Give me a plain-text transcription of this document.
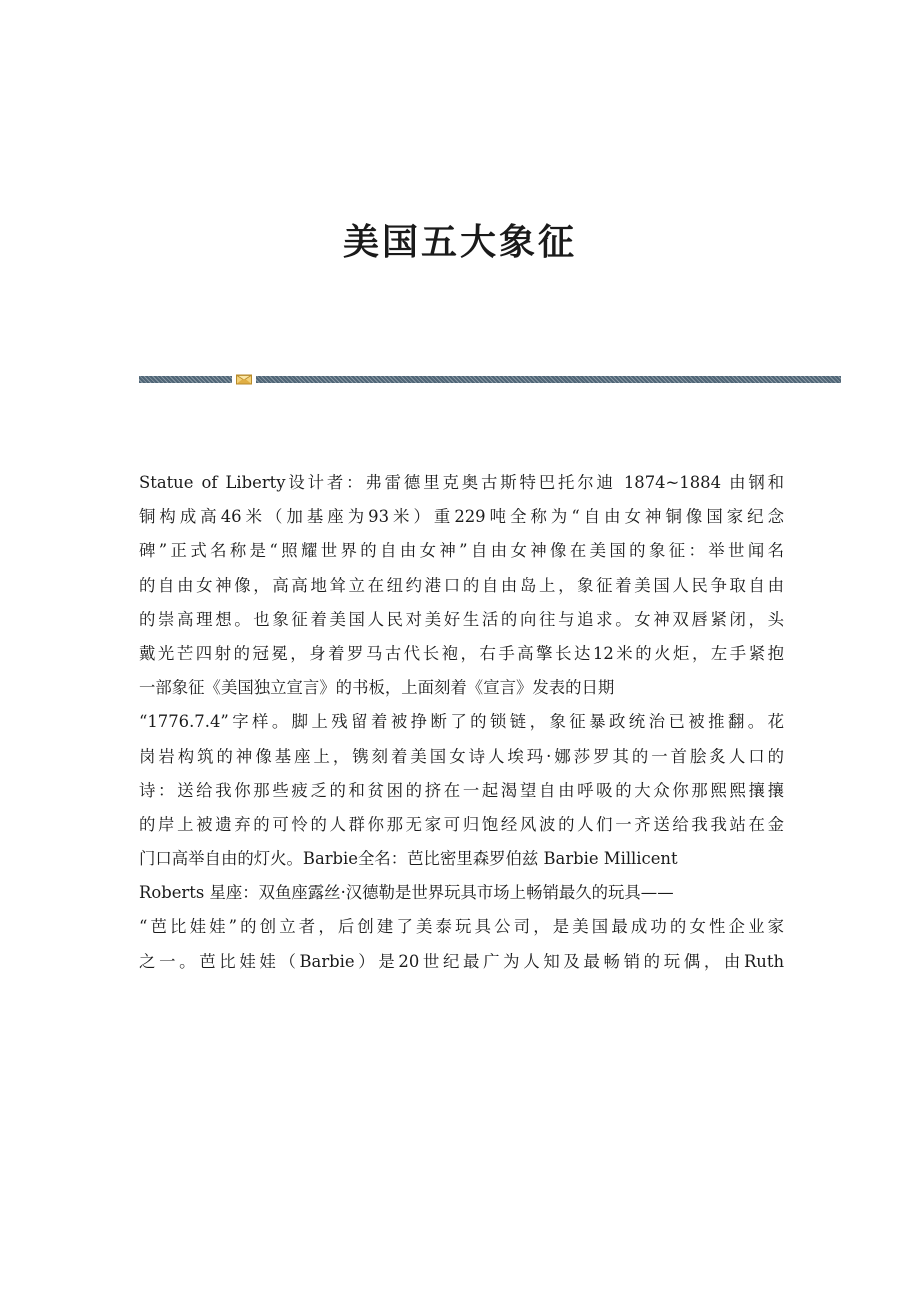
美国五大象征
Statue of Liberty设计者：弗雷德里克奥古斯特巴托尔迪 1874~1884 由钢和
铜构成高46米（加基座为93米）重229吨全称为“自由女神铜像国家纪念
碑”正式名称是“照耀世界的自由女神”自由女神像在美国的象征：举世闻名
的自由女神像，高高地耸立在纽约港口的自由岛上，象征着美国人民争取自由
的崇高理想。也象征着美国人民对美好生活的向往与追求。女神双唇紧闭，头
戴光芒四射的冠冕，身着罗马古代长袍，右手高擎长达12米的火炬，左手紧抱
一部象征《美国独立宣言》的书板，上面刻着《宣言》发表的日期
“1776.7.4”字样。脚上残留着被挣断了的锁链，象征暴政统治已被推翻。花
岗岩构筑的神像基座上，镌刻着美国女诗人埃玛·娜莎罗其的一首脍炙人口的
诗：送给我你那些疲乏的和贫困的挤在一起渴望自由呼吸的大众你那熙熙攘攘
的岸上被遗弃的可怜的人群你那无家可归饱经风波的人们一齐送给我我站在金
门口高举自由的灯火。Barbie全名：芭比密里森罗伯兹 Barbie Millicent
Roberts 星座：双鱼座露丝·汉德勒是世界玩具市场上畅销最久的玩具——
“芭比娃娃”的创立者，后创建了美泰玩具公司，是美国最成功的女性企业家
之一。芭比娃娃（Barbie）是20世纪最广为人知及最畅销的玩偶，由Ruth
